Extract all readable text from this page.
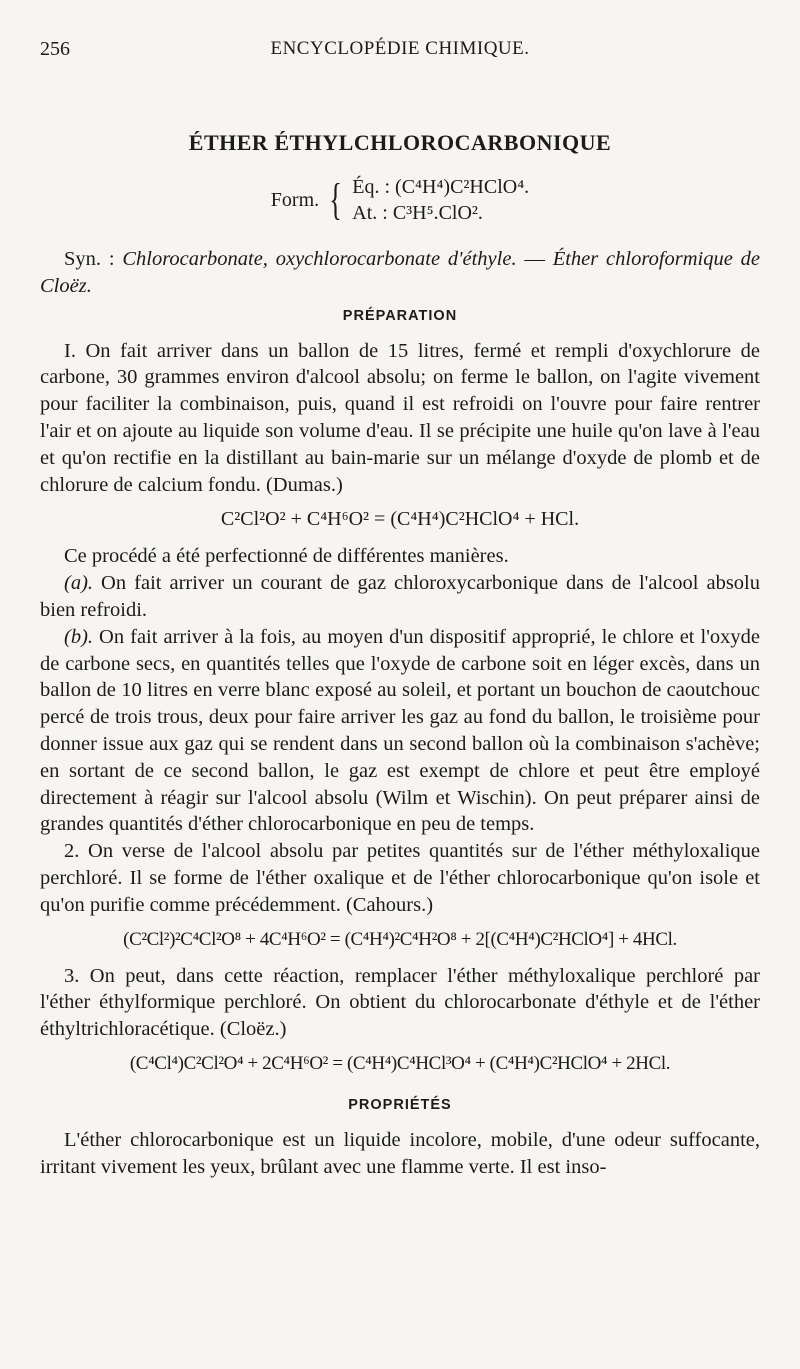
256	ENCYCLOPÉDIE CHIMIQUE.
ÉTHER ÉTHYLCHLOROCARBONIQUE
Form. { Éq. : (C⁴H⁴)C²HClO⁴.
At. : C³H⁵.ClO².

Syn. : Chlorocarbonate, oxychlorocarbonate d'éthyle. — Éther chloroformique de Cloëz.

PRÉPARATION

I. On fait arriver dans un ballon de 15 litres, fermé et rempli d'oxychlorure de carbone, 30 grammes environ d'alcool absolu; on ferme le ballon, on l'agite vivement pour faciliter la combinaison, puis, quand il est refroidi on l'ouvre pour faire rentrer l'air et on ajoute au liquide son volume d'eau. Il se précipite une huile qu'on lave à l'eau et qu'on rectifie en la distillant au bain-marie sur un mélange d'oxyde de plomb et de chlorure de calcium fondu. (Dumas.)

C²Cl²O² + C⁴H⁶O² = (C⁴H⁴)C²HClO⁴ + HCl.

Ce procédé a été perfectionné de différentes manières.

(a). On fait arriver un courant de gaz chloroxycarbonique dans de l'alcool absolu bien refroidi.

(b). On fait arriver à la fois, au moyen d'un dispositif approprié, le chlore et l'oxyde de carbone secs, en quantités telles que l'oxyde de carbone soit en léger excès, dans un ballon de 10 litres en verre blanc exposé au soleil, et portant un bouchon de caoutchouc percé de trois trous, deux pour faire arriver les gaz au fond du ballon, le troisième pour donner issue aux gaz qui se rendent dans un second ballon où la combinaison s'achève; en sortant de ce second ballon, le gaz est exempt de chlore et peut être employé directement à réagir sur l'alcool absolu (Wilm et Wischin). On peut préparer ainsi de grandes quantités d'éther chlorocarbonique en peu de temps.

2. On verse de l'alcool absolu par petites quantités sur de l'éther méthyloxalique perchloré. Il se forme de l'éther oxalique et de l'éther chlorocarbonique qu'on isole et qu'on purifie comme précédemment. (Cahours.)

(C²Cl²)²C⁴Cl²O⁸ + 4C⁴H⁶O² = (C⁴H⁴)²C⁴H²O⁸ + 2[(C⁴H⁴)C²HClO⁴] + 4HCl.

3. On peut, dans cette réaction, remplacer l'éther méthyloxalique perchloré par l'éther éthylformique perchloré. On obtient du chlorocarbonate d'éthyle et de l'éther éthyltrichloracétique. (Cloëz.)

(C⁴Cl⁴)C²Cl²O⁴ + 2C⁴H⁶O² = (C⁴H⁴)C⁴HCl³O⁴ + (C⁴H⁴)C²HClO⁴ + 2HCl.
PROPRIÉTÉS

L'éther chlorocarbonique est un liquide incolore, mobile, d'une odeur suffocante, irritant vivement les yeux, brûlant avec une flamme verte. Il est inso-
